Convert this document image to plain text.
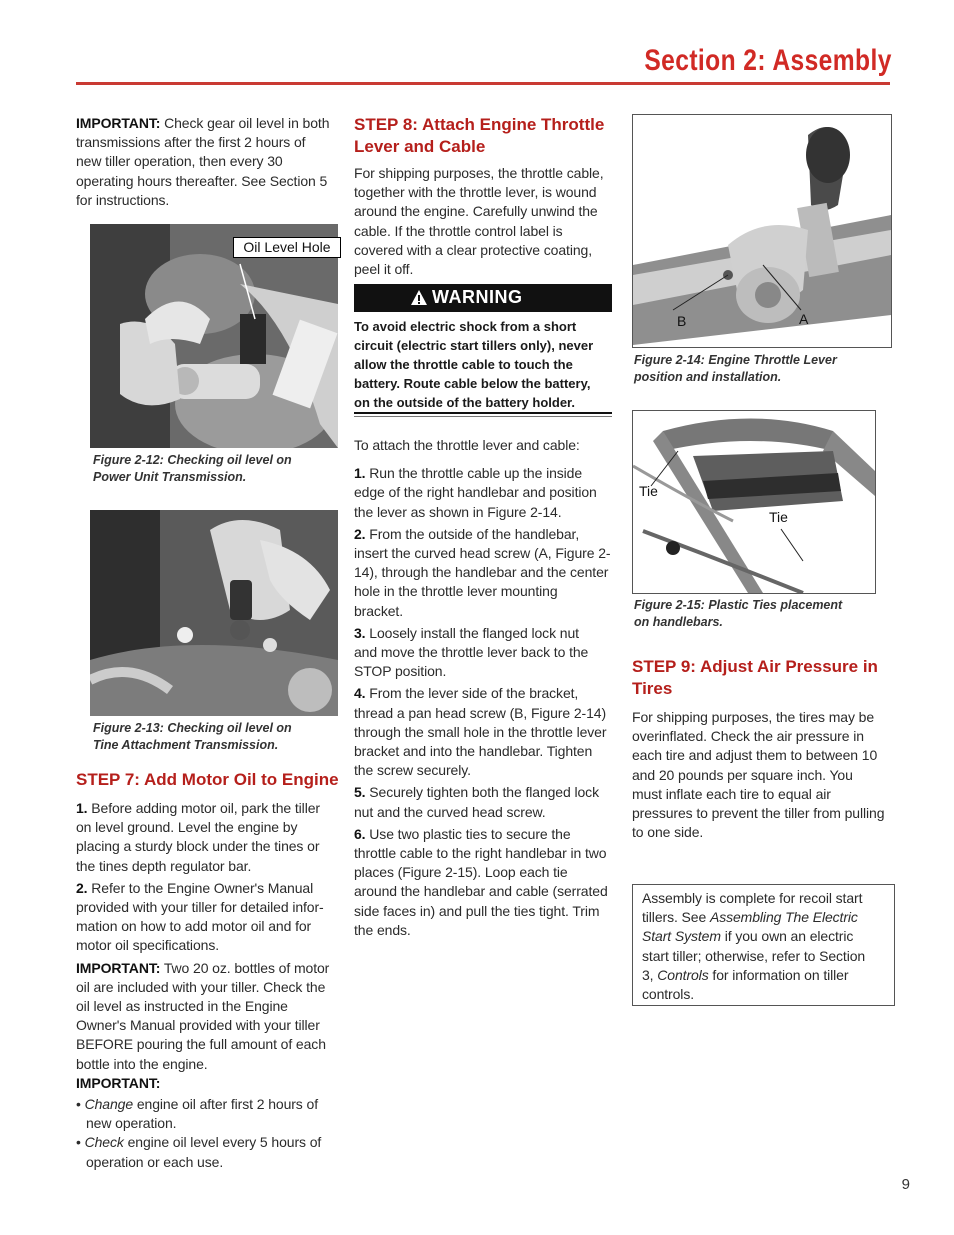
Section 2: Assembly
IMPORTANT: Check gear oil level in both
transmissions after the first 2 hours of
new tiller operation, then every 30
operating hours thereafter. See Section 5
for instructions.
Oil Level Hole
Figure 2-12: Checking oil level on
Power Unit Transmission.
Figure 2-13: Checking oil level on
Tine Attachment Transmission.
STEP 7: Add Motor Oil to Engine
1. Before adding motor oil, park the tiller
on level ground. Level the engine by
placing a sturdy block under the tines or
the tines depth regulator bar.
2. Refer to the Engine Owner's Manual
provided with your tiller for detailed infor-
mation on how to add motor oil and for
motor oil specifications.
IMPORTANT: Two 20 oz. bottles of motor
oil are included with your tiller. Check the
oil level as instructed in the Engine
Owner's Manual provided with your tiller
BEFORE pouring the full amount of each
bottle into the engine.
IMPORTANT:
• Change engine oil after first 2 hours of
new operation.
• Check engine oil level every 5 hours of
operation or each use.
STEP 8: Attach Engine Throttle
Lever and Cable
For shipping purposes, the throttle cable,
together with the throttle lever, is wound
around the engine. Carefully unwind the
cable. If the throttle control label is
covered with a clear protective coating,
peel it off.
WARNING
To avoid electric shock from a short
circuit (electric start tillers only), never
allow the throttle cable to touch the
battery. Route cable below the battery,
on the outside of the battery holder.
To attach the throttle lever and cable:
1. Run the throttle cable up the inside
edge of the right handlebar and position
the lever as shown in Figure 2-14.
2. From the outside of the handlebar,
insert the curved head screw (A, Figure 2-
14), through the handlebar and the center
hole in the throttle lever mounting
bracket.
3. Loosely install the flanged lock nut
and move the throttle lever back to the
STOP position.
4. From the lever side of the bracket,
thread a pan head screw (B, Figure 2-14)
through the small hole in the throttle lever
bracket and into the handlebar. Tighten
the screw securely.
5. Securely tighten both the flanged lock
nut and the curved head screw.
6. Use two plastic ties to secure the
throttle cable to the right handlebar in two
places (Figure 2-15). Loop each tie
around the handlebar and cable (serrated
side faces in) and pull the ties tight. Trim
the ends.
B	A
Figure 2-14: Engine Throttle Lever
position and installation.
Tie
Tie
Figure 2-15: Plastic Ties placement
on handlebars.
STEP 9: Adjust Air Pressure in
Tires
For shipping purposes, the tires may be
overinflated. Check the air pressure in
each tire and adjust them to between 10
and 20 pounds per square inch. You
must inflate each tire to equal air
pressures to prevent the tiller from pulling
to one side.
Assembly is complete for recoil start
tillers. See Assembling The Electric
Start System if you own an electric
start tiller; otherwise, refer to Section
3, Controls for information on tiller
controls.
9
